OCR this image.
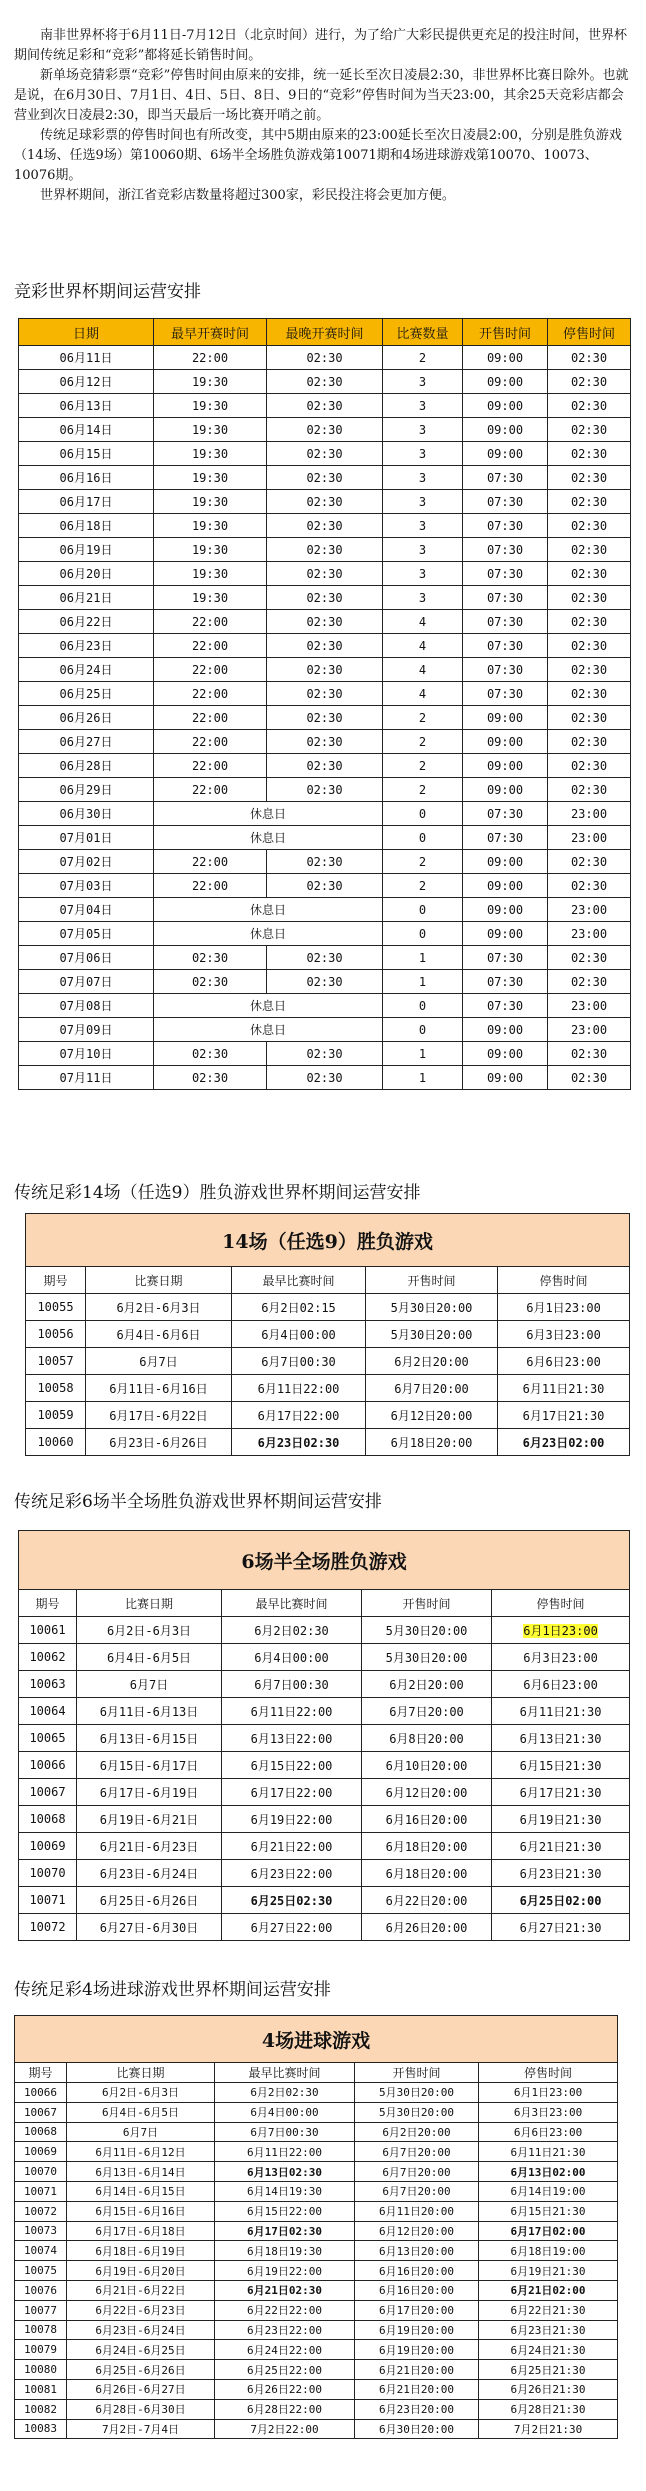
南非世界杯将于6月11日-7月12日（北京时间）进行，为了给广大彩民提供更充足的投注时间，世界杯期间传统足彩和“竞彩”都将延长销售时间。

新单场竞猜彩票“竞彩”停售时间由原来的安排，统一延长至次日凌晨2:30，非世界杯比赛日除外。也就是说，在6月30日、7月1日、4日、5日、8日、9日的“竞彩”停售时间为当天23:00，其余25天竞彩店都会营业到次日凌晨2:30，即当天最后一场比赛开哨之前。

传统足球彩票的停售时间也有所改变，其中5期由原来的23:00延长至次日凌晨2:00，分别是胜负游戏（14场、任选9场）第10060期、6场半全场胜负游戏第10071期和4场进球游戏第10070、10073、10076期。

世界杯期间，浙江省竞彩店数量将超过300家，彩民投注将会更加方便。

竞彩世界杯期间运营安排
日期	最早开赛时间	最晚开赛时间	比赛数量	开售时间	停售时间
06月11日	22:00	02:30	2	09:00	02:30
06月12日	19:30	02:30	3	09:00	02:30
06月13日	19:30	02:30	3	09:00	02:30
06月14日	19:30	02:30	3	09:00	02:30
06月15日	19:30	02:30	3	09:00	02:30
06月16日	19:30	02:30	3	07:30	02:30
06月17日	19:30	02:30	3	07:30	02:30
06月18日	19:30	02:30	3	07:30	02:30
06月19日	19:30	02:30	3	07:30	02:30
06月20日	19:30	02:30	3	07:30	02:30
06月21日	19:30	02:30	3	07:30	02:30
06月22日	22:00	02:30	4	07:30	02:30
06月23日	22:00	02:30	4	07:30	02:30
06月24日	22:00	02:30	4	07:30	02:30
06月25日	22:00	02:30	4	07:30	02:30
06月26日	22:00	02:30	2	09:00	02:30
06月27日	22:00	02:30	2	09:00	02:30
06月28日	22:00	02:30	2	09:00	02:30
06月29日	22:00	02:30	2	09:00	02:30
06月30日	休息日		0	07:30	23:00
07月01日	休息日		0	07:30	23:00
07月02日	22:00	02:30	2	09:00	02:30
07月03日	22:00	02:30	2	09:00	02:30
07月04日	休息日		0	09:00	23:00
07月05日	休息日		0	09:00	23:00
07月06日	02:30	02:30	1	07:30	02:30
07月07日	02:30	02:30	1	07:30	02:30
07月08日	休息日		0	07:30	23:00
07月09日	休息日		0	09:00	23:00
07月10日	02:30	02:30	1	09:00	02:30
07月11日	02:30	02:30	1	09:00	02:30
传统足彩14场（任选9）胜负游戏世界杯期间运营安排
14场（任选9）胜负游戏				
期号	比赛日期	最早比赛时间	开售时间	停售时间
10055	6月2日-6月3日	6月2日02:15	5月30日20:00	6月1日23:00
10056	6月4日-6月6日	6月4日00:00	5月30日20:00	6月3日23:00
10057	6月7日	6月7日00:30	6月2日20:00	6月6日23:00
10058	6月11日-6月16日	6月11日22:00	6月7日20:00	6月11日21:30
10059	6月17日-6月22日	6月17日22:00	6月12日20:00	6月17日21:30
10060	6月23日-6月26日	6月23日02:30	6月18日20:00	6月23日02:00
传统足彩6场半全场胜负游戏世界杯期间运营安排
6场半全场胜负游戏				
期号	比赛日期	最早比赛时间	开售时间	停售时间
10061	6月2日-6月3日	6月2日02:30	5月30日20:00	6月1日23:00
10062	6月4日-6月5日	6月4日00:00	5月30日20:00	6月3日23:00
10063	6月7日	6月7日00:30	6月2日20:00	6月6日23:00
10064	6月11日-6月13日	6月11日22:00	6月7日20:00	6月11日21:30
10065	6月13日-6月15日	6月13日22:00	6月8日20:00	6月13日21:30
10066	6月15日-6月17日	6月15日22:00	6月10日20:00	6月15日21:30
10067	6月17日-6月19日	6月17日22:00	6月12日20:00	6月17日21:30
10068	6月19日-6月21日	6月19日22:00	6月16日20:00	6月19日21:30
10069	6月21日-6月23日	6月21日22:00	6月18日20:00	6月21日21:30
10070	6月23日-6月24日	6月23日22:00	6月18日20:00	6月23日21:30
10071	6月25日-6月26日	6月25日02:30	6月22日20:00	6月25日02:00
10072	6月27日-6月30日	6月27日22:00	6月26日20:00	6月27日21:30
传统足彩4场进球游戏世界杯期间运营安排
4场进球游戏				
期号	比赛日期	最早比赛时间	开售时间	停售时间
10066	6月2日-6月3日	6月2日02:30	5月30日20:00	6月1日23:00
10067	6月4日-6月5日	6月4日00:00	5月30日20:00	6月3日23:00
10068	6月7日	6月7日00:30	6月2日20:00	6月6日23:00
10069	6月11日-6月12日	6月11日22:00	6月7日20:00	6月11日21:30
10070	6月13日-6月14日	6月13日02:30	6月7日20:00	6月13日02:00
10071	6月14日-6月15日	6月14日19:30	6月7日20:00	6月14日19:00
10072	6月15日-6月16日	6月15日22:00	6月11日20:00	6月15日21:30
10073	6月17日-6月18日	6月17日02:30	6月12日20:00	6月17日02:00
10074	6月18日-6月19日	6月18日19:30	6月13日20:00	6月18日19:00
10075	6月19日-6月20日	6月19日22:00	6月16日20:00	6月19日21:30
10076	6月21日-6月22日	6月21日02:30	6月16日20:00	6月21日02:00
10077	6月22日-6月23日	6月22日22:00	6月17日20:00	6月22日21:30
10078	6月23日-6月24日	6月23日22:00	6月19日20:00	6月23日21:30
10079	6月24日-6月25日	6月24日22:00	6月19日20:00	6月24日21:30
10080	6月25日-6月26日	6月25日22:00	6月21日20:00	6月25日21:30
10081	6月26日-6月27日	6月26日22:00	6月21日20:00	6月26日21:30
10082	6月28日-6月30日	6月28日22:00	6月23日20:00	6月28日21:30
10083	7月2日-7月4日	7月2日22:00	6月30日20:00	7月2日21:30
